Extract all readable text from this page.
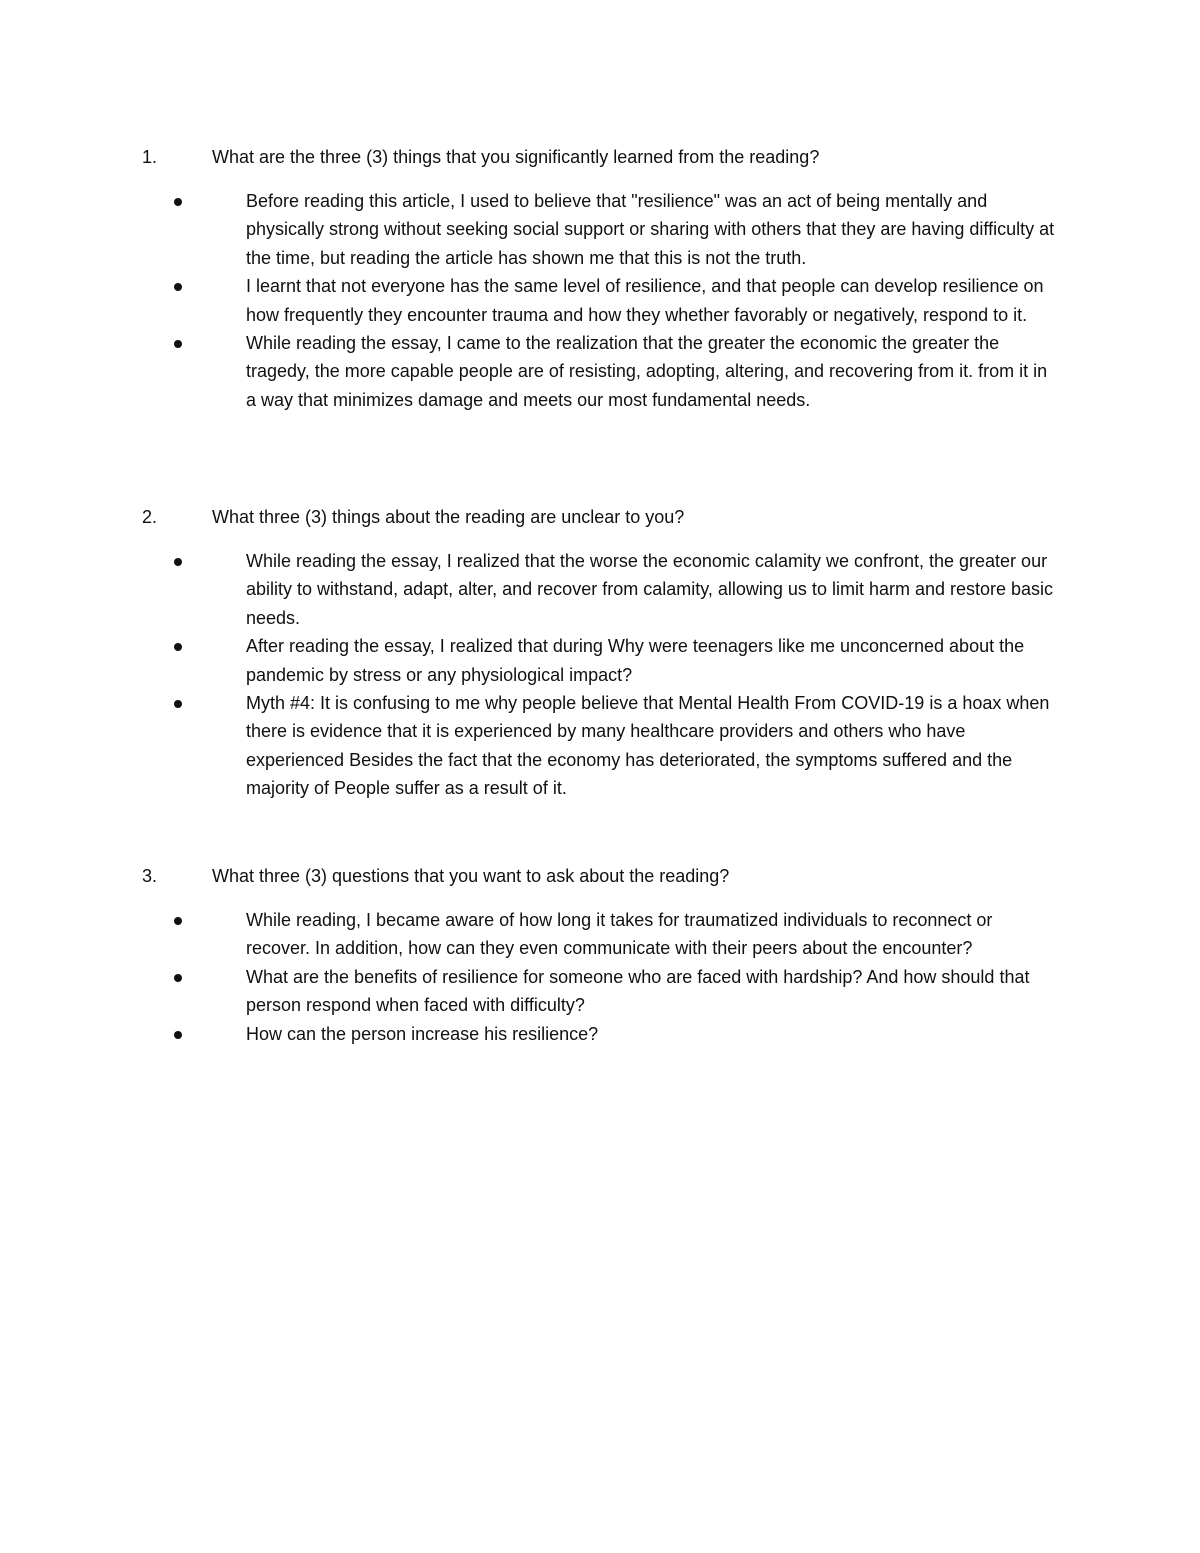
1.	What are the three (3) things that you significantly learned from the reading?
Before reading this article, I used to believe that "resilience" was an act of being mentally and physically strong without seeking social support or sharing with others that they are having difficulty at the time, but reading the article has shown me that this is not the truth.
I learnt that not everyone has the same level of resilience, and that people can develop resilience on how frequently they encounter trauma and how they whether favorably or negatively, respond to it.
While reading the essay, I came to the realization that the greater the economic the greater the tragedy, the more capable people are of resisting, adopting, altering, and recovering from it. from it in a way that minimizes damage and meets our most fundamental needs.
2.	What three (3) things about the reading are unclear to you?
While reading the essay, I realized that the worse the economic calamity we confront, the greater our ability to withstand, adapt, alter, and recover from calamity, allowing us to limit harm and restore basic needs.
After reading the essay, I realized that during Why were teenagers like me unconcerned about the pandemic by stress or any physiological impact?
Myth #4: It is confusing to me why people believe that Mental Health From COVID-19 is a hoax when there is evidence that it is experienced by many healthcare providers and others who have experienced Besides the fact that the economy has deteriorated, the symptoms suffered and the majority of People suffer as a result of it.
3.	What three (3) questions that you want to ask about the reading?
While reading, I became aware of how long it takes for traumatized individuals to reconnect or recover. In addition, how can they even communicate with their peers about the encounter?
What are the benefits of resilience for someone who are faced with hardship? And how should that person respond when faced with difficulty?
How can the person increase his resilience?
